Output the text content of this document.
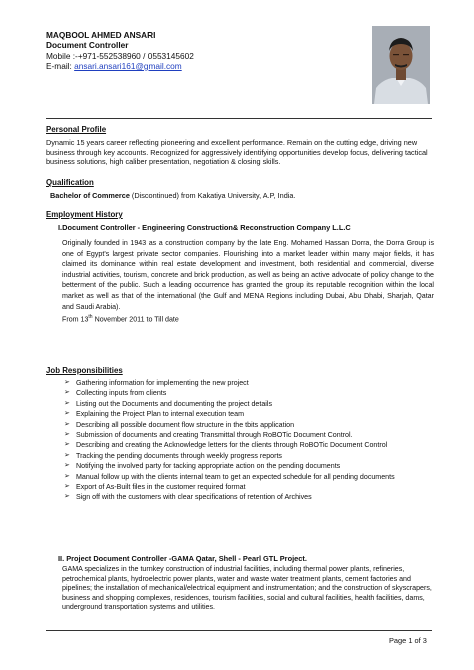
MAQBOOL AHMED ANSARI
Document Controller
Mobile :-+971-552538960 / 0553145602
E-mail: ansari.ansari161@gmail.com
Personal Profile
Dynamic 15 years career reflecting pioneering and excellent performance. Remain on the cutting edge, driving new business through key accounts. Recognized for aggressively identifying opportunities develop focus, delivering tactical business solutions, high caliber presentation, negotiation & closing skills.
Qualification
Bachelor of Commerce (Discontinued) from Kakatiya University, A.P, India.
Employment History
I.Document Controller - Engineering Construction& Reconstruction Company L.L.C
Originally founded in 1943 as a construction company by the late Eng. Mohamed Hassan Dorra, the Dorra Group is one of Egypt's largest private sector companies. Flourishing into a market leader within many major fields, it has claimed its dominance within real estate development and investment, both residential and commercial, diverse industrial activities, tourism, concrete and brick production, as well as being an active advocate of policy change to the betterment of the public. Such a leading occurrence has granted the group its reputable recognition within the local market as well as that of the international (the Gulf and MENA Regions including Dubai, Abu Dhabi, Sharjah, Qatar and Saudi Arabia).
From 13th November 2011 to Till date
Job Responsibilities
➢ Gathering information for implementing the new project
➢ Collecting inputs from clients
➢ Listing out the Documents and documenting the project details
➢ Explaining the Project Plan to internal execution team
➢ Describing all possible document flow structure in the tbits application
➢ Submission of documents and creating Transmittal through RoBOTic Document Control.
➢ Describing and creating the Acknowledge letters for the clients through RoBOTic Document Control
➢ Tracking the pending documents through weekly progress reports
➢ Notifying the involved party for tacking appropriate action on the pending documents
➢ Manual follow up with the clients internal team to get an expected schedule for all pending documents
➢ Export of As-Built files in the customer required format
➢ Sign off with the customers with clear specifications of retention of Archives
II. Project Document Controller -GAMA Qatar, Shell - Pearl GTL Project.
GAMA specializes in the turnkey construction of industrial facilities, including thermal power plants, refineries, petrochemical plants, hydroelectric power plants, water and waste water treatment plants, cement factories and pipelines; the installation of mechanical/electrical equipment and instrumentation; and the construction of skyscrapers, business and shopping complexes, residences, tourism facilities, social and cultural facilities, health facilities, dams, underground transportation systems and utilities.
Page 1 of 3
